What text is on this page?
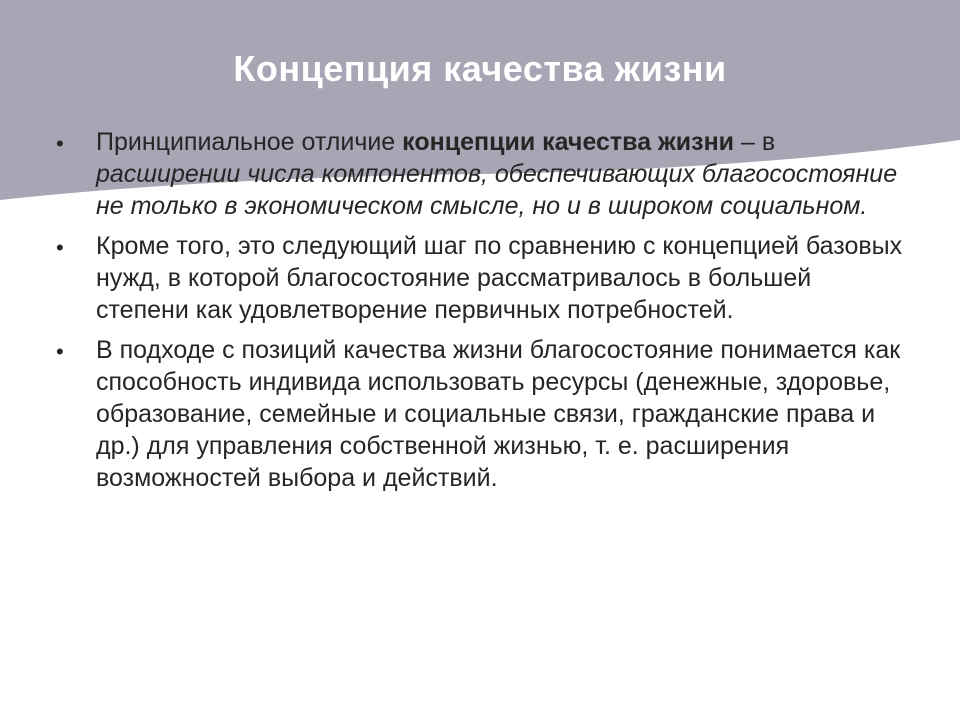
Концепция качества жизни
• Принципиальное отличие концепции качества жизни – в расширении числа компонентов, обеспечивающих благосостояние не только в экономическом смысле, но и в широком социальном.
• Кроме того, это следующий шаг по сравнению с концепцией базовых нужд, в которой благосостояние рассматривалось в большей степени как удовлетворение первичных потребностей.
• В подходе с позиций качества жизни благосостояние понимается как способность индивида использовать ресурсы (денежные, здоровье, образование, семейные и социальные связи, гражданские права и др.) для управления собственной жизнью, т. е. расширения возможностей выбора и действий.
